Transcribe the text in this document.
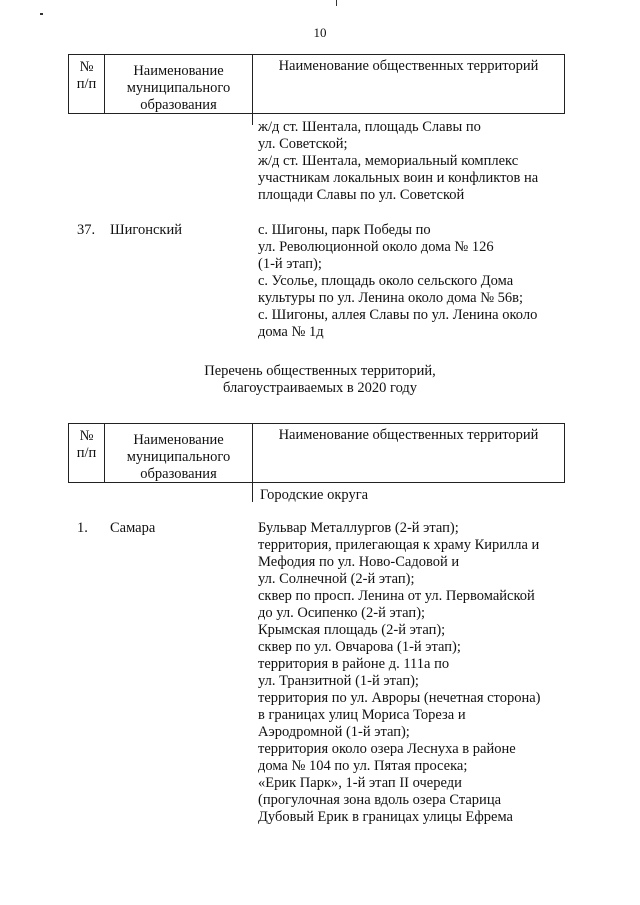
10
№
п/п
Наименование
муниципального
образования
Наименование общественных территорий
ж/д ст. Шентала, площадь Славы по
ул. Советской;
ж/д ст. Шентала, мемориальный комплекс
участникам локальных воин и конфликтов на
площади Славы по ул. Советской
37. Шигонский	с. Шигоны, парк Победы по
ул. Революционной около дома № 126
(1-й этап);
с. Усолье, площадь около сельского Дома
культуры по ул. Ленина около дома № 56в;
с. Шигоны, аллея Славы по ул. Ленина около
дома № 1д
Перечень общественных территорий,
благоустраиваемых в 2020 году
№
п/п
Наименование
муниципального
образования
Наименование общественных территорий
Городские округа
1. Самара	Бульвар Металлургов (2-й этап);
территория, прилегающая к храму Кирилла и
Мефодия по ул. Ново-Садовой и
ул. Солнечной (2-й этап);
сквер по просп. Ленина от ул. Первомайской
до ул. Осипенко (2-й этап);
Крымская площадь (2-й этап);
сквер по ул. Овчарова (1-й этап);
территория в районе д. 111а по
ул. Транзитной (1-й этап);
территория по ул. Авроры (нечетная сторона)
в границах улиц Мориса Тореза и
Аэродромной (1-й этап);
территория около озера Леснуха в районе
дома № 104 по ул. Пятая просека;
«Ерик Парк», 1-й этап II очереди
(прогулочная зона вдоль озера Старица
Дубовый Ерик в границах улицы Ефрема
